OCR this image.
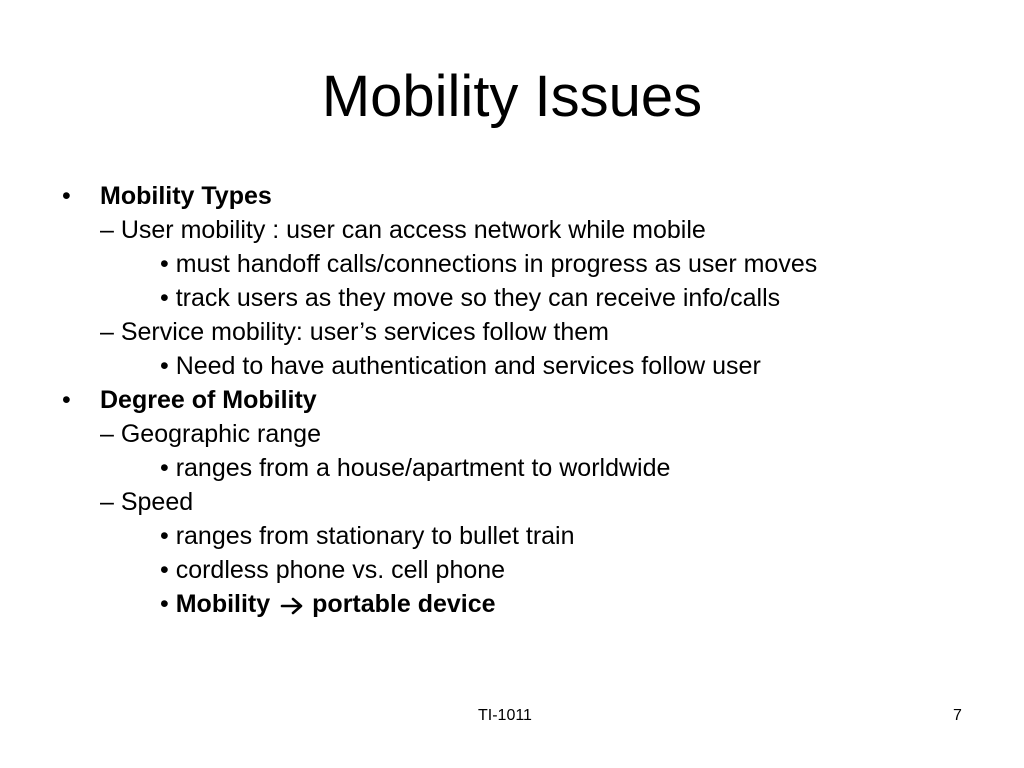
Mobility Issues
• Mobility Types
– User mobility : user can access network while mobile
• must handoff calls/connections in progress as user moves
• track users as they move so they can receive info/calls
– Service mobility: user’s services follow them
• Need to have authentication and services follow user
• Degree of Mobility
– Geographic range
• ranges from a house/apartment to worldwide
– Speed
• ranges from stationary to bullet train
• cordless phone vs. cell phone
• Mobility portable device
TI-1011	7
